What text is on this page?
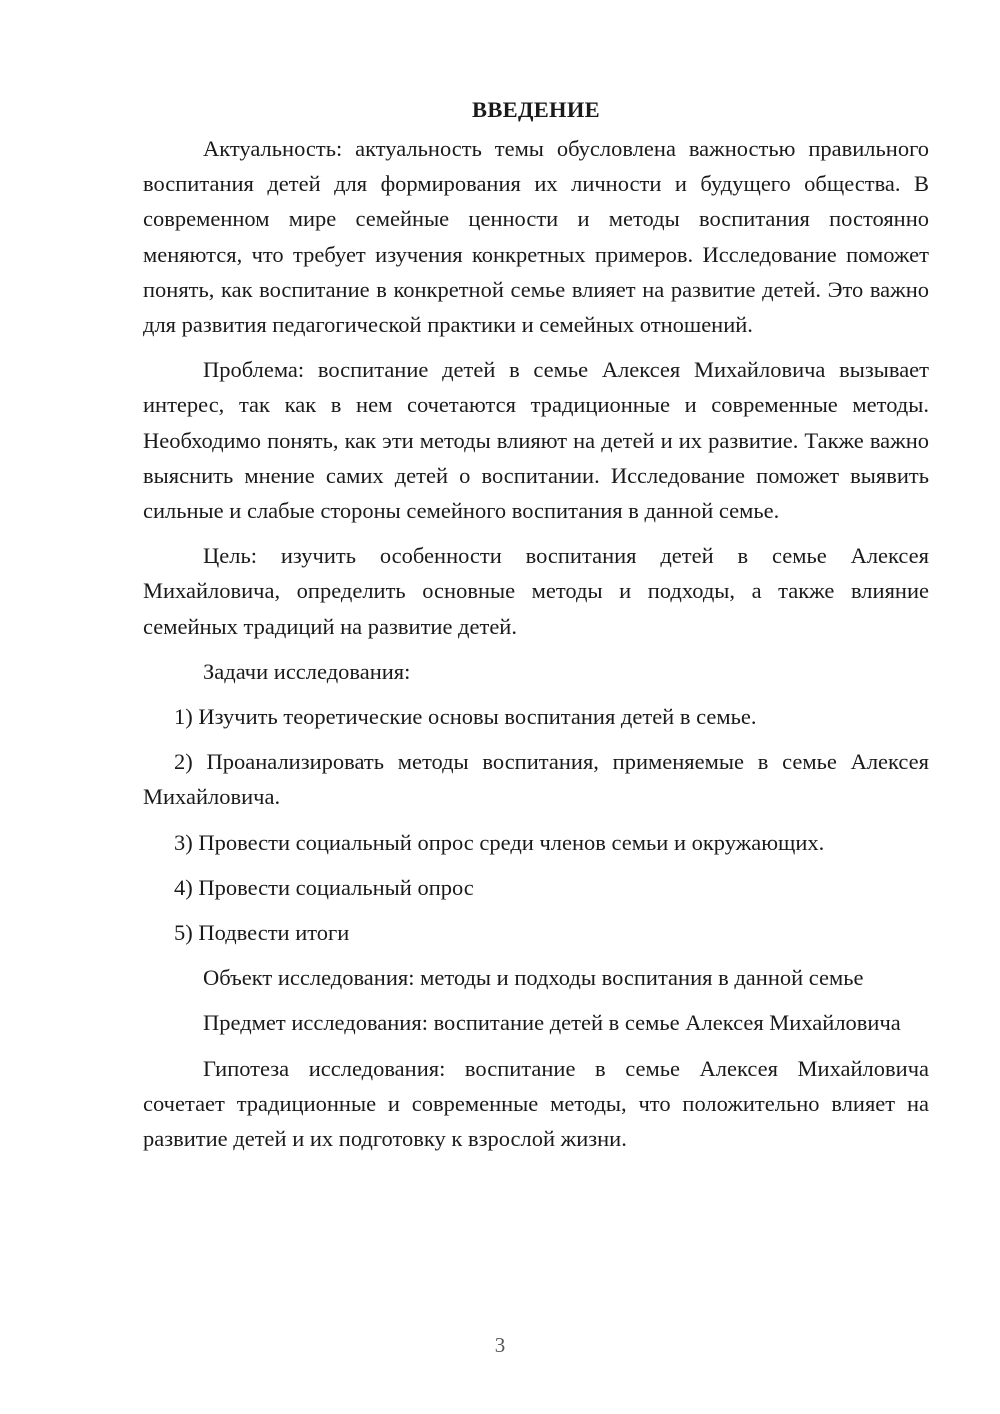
ВВЕДЕНИЕ

Актуальность: актуальность темы обусловлена важностью правильного воспитания детей для формирования их личности и будущего общества. В современном мире семейные ценности и методы воспитания постоянно меняются, что требует изучения конкретных примеров. Исследование поможет понять, как воспитание в конкретной семье влияет на развитие детей. Это важно для развития педагогической практики и семейных отношений.

Проблема: воспитание детей в семье Алексея Михайловича вызывает интерес, так как в нем сочетаются традиционные и современные методы. Необходимо понять, как эти методы влияют на детей и их развитие. Также важно выяснить мнение самих детей о воспитании. Исследование поможет выявить сильные и слабые стороны семейного воспитания в данной семье.

Цель: изучить особенности воспитания детей в семье Алексея Михайловича, определить основные методы и подходы, а также влияние семейных традиций на развитие детей.

Задачи исследования:

1) Изучить теоретические основы воспитания детей в семье.

2) Проанализировать методы воспитания, применяемые в семье Алексея Михайловича.

3) Провести социальный опрос среди членов семьи и окружающих.

4) Провести социальный опрос

5) Подвести итоги

Объект исследования: методы и подходы воспитания в данной семье

Предмет исследования: воспитание детей в семье Алексея Михайловича

Гипотеза исследования: воспитание в семье Алексея Михайловича сочетает традиционные и современные методы, что положительно влияет на развитие детей и их подготовку к взрослой жизни.

3
